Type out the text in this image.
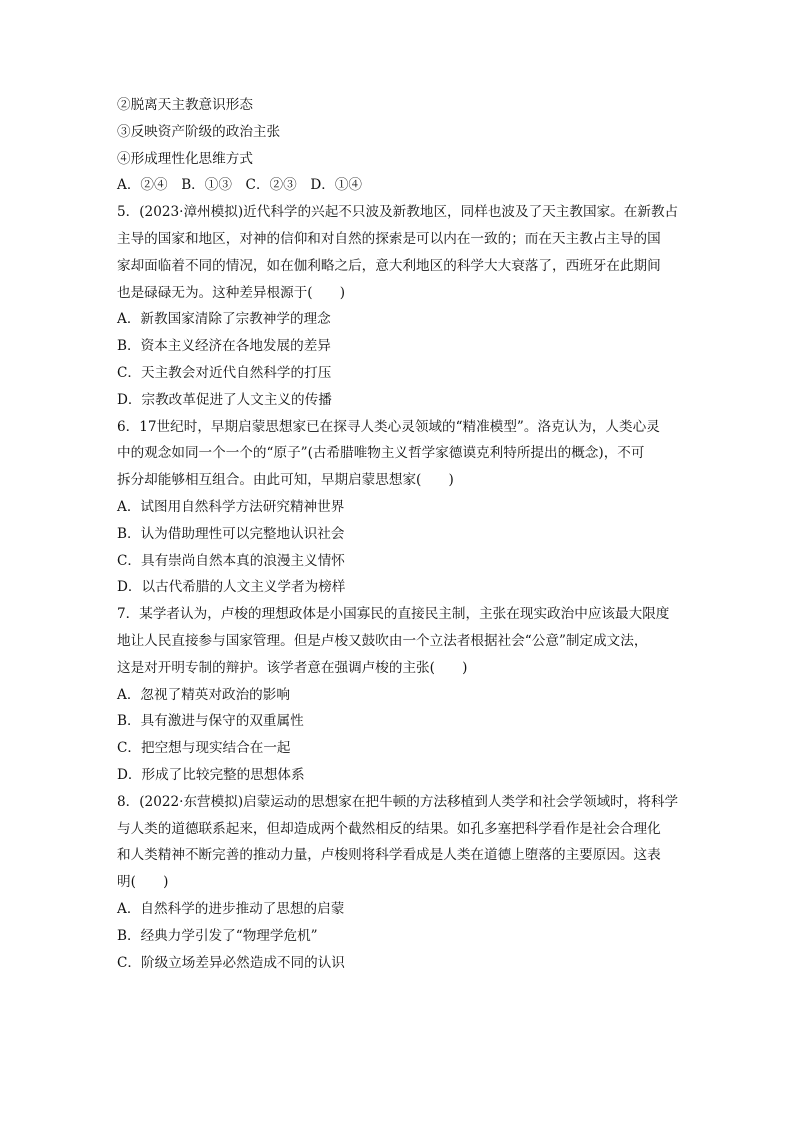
②脱离天主教意识形态
③反映资产阶级的政治主张
④形成理性化思维方式
A．②④　B．①③　C．②③　D．①④
5．(2023·漳州模拟)近代科学的兴起不只波及新教地区，同样也波及了天主教国家。在新教占
主导的国家和地区，对神的信仰和对自然的探索是可以内在一致的；而在天主教占主导的国
家却面临着不同的情况，如在伽利略之后，意大利地区的科学大大衰落了，西班牙在此期间
也是碌碌无为。这种差异根源于(　　)
A．新教国家清除了宗教神学的理念
B．资本主义经济在各地发展的差异
C．天主教会对近代自然科学的打压
D．宗教改革促进了人文主义的传播
6．17世纪时，早期启蒙思想家已在探寻人类心灵领域的“精准模型”。洛克认为，人类心灵
中的观念如同一个一个的“原子”(古希腊唯物主义哲学家德谟克利特所提出的概念)，不可
拆分却能够相互组合。由此可知，早期启蒙思想家(　　)
A．试图用自然科学方法研究精神世界
B．认为借助理性可以完整地认识社会
C．具有崇尚自然本真的浪漫主义情怀
D．以古代希腊的人文主义学者为榜样
7．某学者认为，卢梭的理想政体是小国寡民的直接民主制，主张在现实政治中应该最大限度
地让人民直接参与国家管理。但是卢梭又鼓吹由一个立法者根据社会“公意”制定成文法，
这是对开明专制的辩护。该学者意在强调卢梭的主张(　　)
A．忽视了精英对政治的影响
B．具有激进与保守的双重属性
C．把空想与现实结合在一起
D．形成了比较完整的思想体系
8．(2022·东营模拟)启蒙运动的思想家在把牛顿的方法移植到人类学和社会学领域时，将科学
与人类的道德联系起来，但却造成两个截然相反的结果。如孔多塞把科学看作是社会合理化
和人类精神不断完善的推动力量，卢梭则将科学看成是人类在道德上堕落的主要原因。这表
明(　　)
A．自然科学的进步推动了思想的启蒙
B．经典力学引发了“物理学危机”
C．阶级立场差异必然造成不同的认识
